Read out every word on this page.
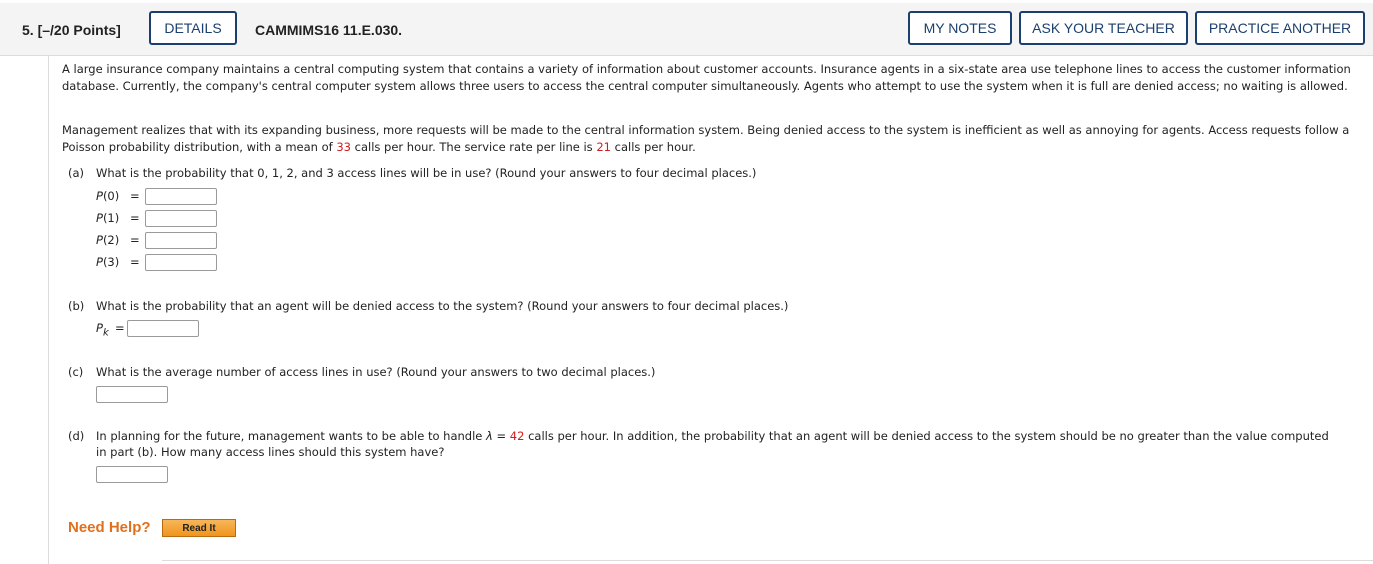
5. [–/20 Points]	DETAILS	CAMMIMS16 11.E.030.	MY NOTES	ASK YOUR TEACHER	PRACTICE ANOTHER
A large insurance company maintains a central computing system that contains a variety of information about customer accounts. Insurance agents in a six-state area use telephone lines to access the customer information database. Currently, the company's central computer system allows three users to access the central computer simultaneously. Agents who attempt to use the system when it is full are denied access; no waiting is allowed.
Management realizes that with its expanding business, more requests will be made to the central information system. Being denied access to the system is inefficient as well as annoying for agents. Access requests follow a Poisson probability distribution, with a mean of 33 calls per hour. The service rate per line is 21 calls per hour.
(a) What is the probability that 0, 1, 2, and 3 access lines will be in use? (Round your answers to four decimal places.)
P(0) =
P(1) =
P(2) =
P(3) =
(b) What is the probability that an agent will be denied access to the system? (Round your answers to four decimal places.)
$P_k$ =
(c) What is the average number of access lines in use? (Round your answers to two decimal places.)
(d) In planning for the future, management wants to be able to handle λ = 42 calls per hour. In addition, the probability that an agent will be denied access to the system should be no greater than the value computed
in part (b). How many access lines should this system have?
Need Help?	Read It
